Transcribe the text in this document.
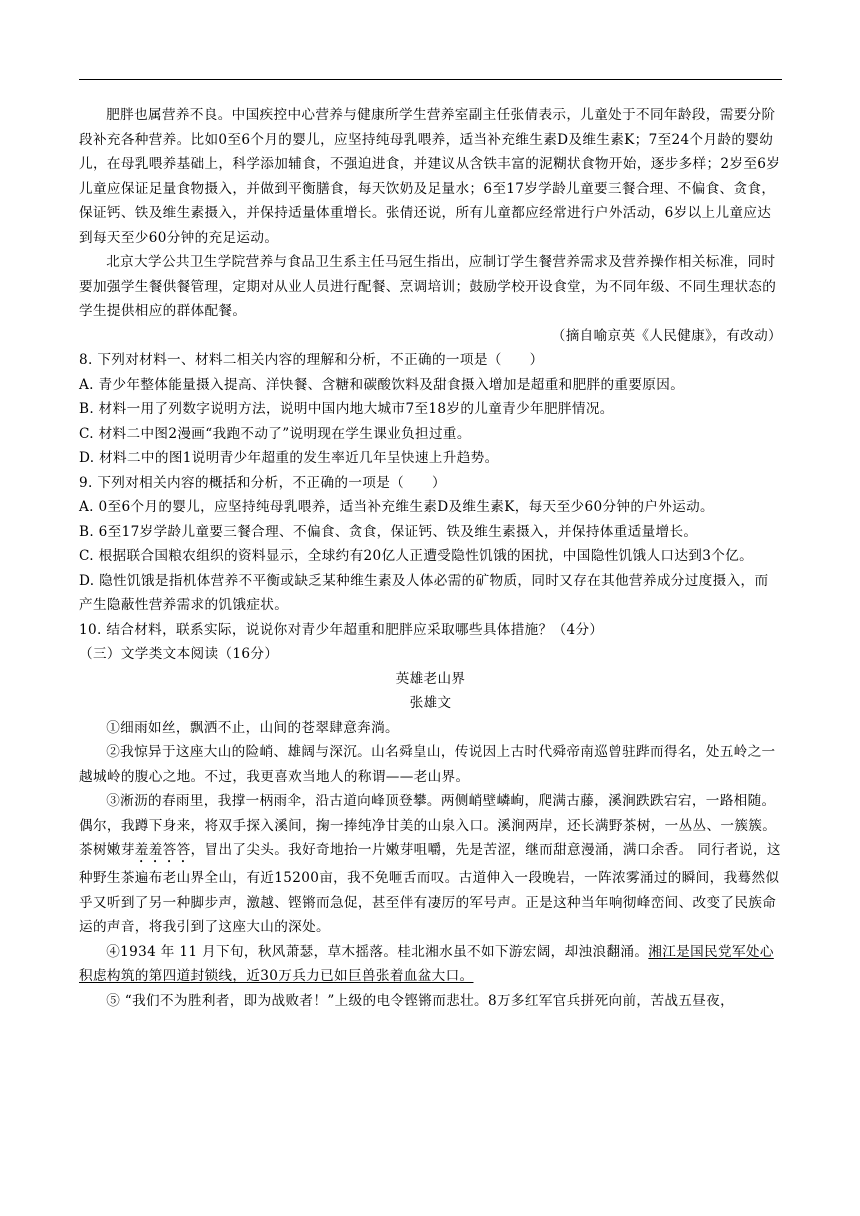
肥胖也属营养不良。中国疾控中心营养与健康所学生营养室副主任张倩表示，儿童处于不同年龄段，需要分阶段补充各种营养。比如0至6个月的婴儿，应坚持纯母乳喂养，适当补充维生素D及维生素K；7至24个月龄的婴幼儿，在母乳喂养基础上，科学添加辅食，不强迫进食，并建议从含铁丰富的泥糊状食物开始，逐步多样；2岁至6岁儿童应保证足量食物摄入，并做到平衡膳食，每天饮奶及足量水；6至17岁学龄儿童要三餐合理、不偏食、贪食，保证钙、铁及维生素摄入，并保持适量体重增长。张倩还说，所有儿童都应经常进行户外活动，6岁以上儿童应达到每天至少60分钟的充足运动。

北京大学公共卫生学院营养与食品卫生系主任马冠生指出，应制订学生餐营养需求及营养操作相关标准，同时要加强学生餐供餐管理，定期对从业人员进行配餐、烹调培训；鼓励学校开设食堂，为不同年级、不同生理状态的学生提供相应的群体配餐。

（摘自喻京英《人民健康》，有改动）

8. 下列对材料一、材料二相关内容的理解和分析，不正确的一项是（　　）

A. 青少年整体能量摄入提高、洋快餐、含糖和碳酸饮料及甜食摄入增加是超重和肥胖的重要原因。

B. 材料一用了列数字说明方法，说明中国内地大城市7至18岁的儿童青少年肥胖情况。

C. 材料二中图2漫画“我跑不动了”说明现在学生课业负担过重。

D. 材料二中的图1说明青少年超重的发生率近几年呈快速上升趋势。

9. 下列对相关内容的概括和分析，不正确的一项是（　　）

A. 0至6个月的婴儿，应坚持纯母乳喂养，适当补充维生素D及维生素K，每天至少60分钟的户外运动。

B. 6至17岁学龄儿童要三餐合理、不偏食、贪食，保证钙、铁及维生素摄入，并保持体重适量增长。

C. 根据联合国粮农组织的资料显示，全球约有20亿人正遭受隐性饥饿的困扰，中国隐性饥饿人口达到3个亿。

D. 隐性饥饿是指机体营养不平衡或缺乏某种维生素及人体必需的矿物质，同时又存在其他营养成分过度摄入，而产生隐蔽性营养需求的饥饿症状。

10. 结合材料，联系实际，说说你对青少年超重和肥胖应采取哪些具体措施？（4分）

（三）文学类文本阅读（16分）

英雄老山界

张雄文

①细雨如丝，飘洒不止，山间的苍翠肆意奔淌。

②我惊异于这座大山的险峭、雄阔与深沉。山名舜皇山，传说因上古时代舜帝南巡曾驻跸而得名，处五岭之一越城岭的腹心之地。不过，我更喜欢当地人的称谓——老山界。

③淅沥的春雨里，我撑一柄雨伞，沿古道向峰顶登攀。两侧峭壁嶙峋，爬满古藤，溪涧跌跌宕宕，一路相随。偶尔，我蹲下身来，将双手探入溪间，掬一捧纯净甘美的山泉入口。溪涧两岸，还长满野茶树，一丛丛、一簇簇。茶树嫩芽羞羞答答，冒出了尖头。我好奇地抬一片嫩芽咀嚼，先是苦涩，继而甜意漫涌，满口余香。 同行者说，这种野生茶遍布老山界全山，有近15200亩，我不免咂舌而叹。古道伸入一段晚岩，一阵浓雾涌过的瞬间，我蓦然似乎又听到了另一种脚步声，激越、铿锵而急促，甚至伴有凄厉的军号声。正是这种当年响彻峰峦间、改变了民族命运的声音，将我引到了这座大山的深处。

④1934 年 11 月下旬，秋风萧瑟，草木摇落。桂北湘水虽不如下游宏阔，却浊浪翻涌。湘江是国民党军处心积虑构筑的第四道封锁线，近30万兵力已如巨兽张着血盆大口。

⑤ “我们不为胜利者，即为战败者！”上级的电令铿锵而悲壮。8万多红军官兵拼死向前，苦战五昼夜，
